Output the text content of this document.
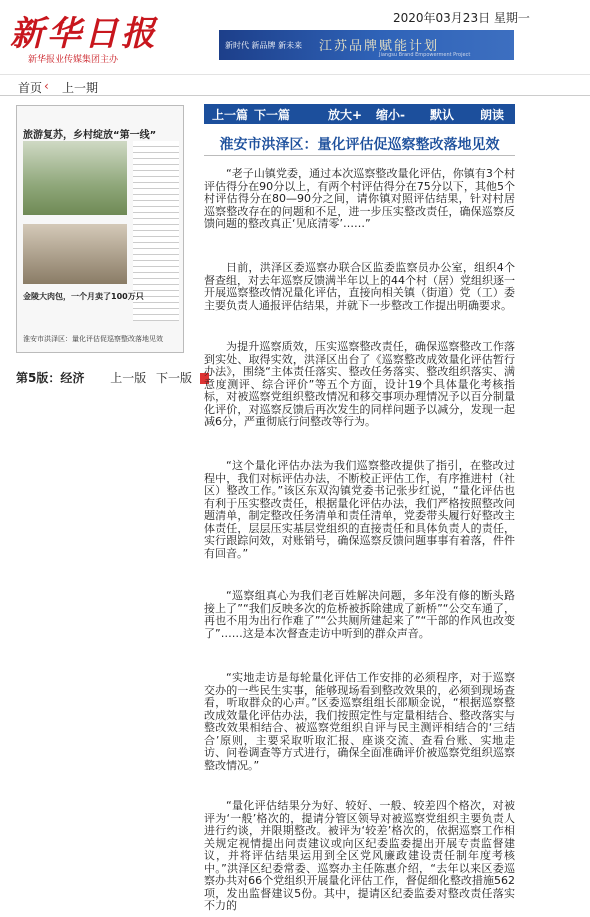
新华日报
新华报业传媒集团主办
2020年03月23日 星期一
新时代 新品牌 新未来 江苏品牌赋能计划
Jiangsu Brand Empowerment Project
首页 ‹ 上一期
旅游复苏，乡村绽放“第一线”
金陵大肉包，一个月卖了100万只
淮安市洪泽区：量化评估促巡察整改落地见效
第5版：经济 上一版 下一版
上一篇 下一篇	放大+ 缩小- 默认 朗读
淮安市洪泽区：量化评估促巡察整改落地见效
“老子山镇党委，通过本次巡察整改量化评估，你镇有3个村评估得分在90分以上，有两个村评估得分在75分以下，其他5个村评估得分在80—90分之间，请你镇对照评估结果，针对村居巡察整改存在的问题和不足，进一步压实整改责任，确保巡察反馈问题的整改真正‘见底清零’……”
日前，洪泽区委巡察办联合区监委监察员办公室，组织4个督查组，对去年巡察反馈满半年以上的44个村（居）党组织逐一开展巡察整改情况量化评估，直接向相关镇（街道）党（工）委主要负责人通报评估结果，并就下一步整改工作提出明确要求。
为提升巡察质效，压实巡察整改责任，确保巡察整改工作落到实处、取得实效，洪泽区出台了《巡察整改成效量化评估暂行办法》，围绕“主体责任落实、整改任务落实、整改组织落实、满意度测评、综合评价”等五个方面，设计19个具体量化考核指标，对被巡察党组织整改情况和移交事项办理情况予以百分制量化评价，对巡察反馈后再次发生的同样问题予以减分，发现一起减6分，严重彻底行问整改等行为。
“这个量化评估办法为我们巡察整改提供了指引，在整改过程中，我们对标评估办法，不断校正评估工作，有序推进村（社区）整改工作。”该区东双沟镇党委书记张步红说，“量化评估也有利于压实整改责任，根据量化评估办法，我们严格按照整改问题清单，制定整改任务清单和责任清单，党委带头履行好整改主体责任，层层压实基层党组织的直接责任和具体负责人的责任，实行跟踪问效，对账销号，确保巡察反馈问题事事有着落，件件有回音。”
“巡察组真心为我们老百姓解决问题，多年没有修的断头路接上了”“我们反映多次的危桥被拆除建成了新桥”“公交车通了，再也不用为出行作难了”“公共厕所建起来了”“干部的作风也改变了”……这是本次督查走访中听到的群众声音。
“实地走访是每轮量化评估工作安排的必须程序，对于巡察交办的一些民生实事，能够现场看到整改效果的，必须到现场查看，听取群众的心声。”区委巡察组组长邵顺金说，“根据巡察整改成效量化评估办法，我们按照定性与定量相结合、整改落实与整改效果相结合、被巡察党组织自评与民主测评相结合的‘三结合’原则，主要采取听取汇报、座谈交流、查看台账、实地走访、问卷调查等方式进行，确保全面准确评价被巡察党组织巡察整改情况。”
“量化评估结果分为好、较好、一般、较差四个格次，对被评为‘一般’格次的，提请分管区领导对被巡察党组织主要负责人进行约谈，并限期整改。被评为‘较差’格次的，依据巡察工作相关规定视情提出问责建议或向区纪委监委提出开展专责监督建议，并将评估结果运用到全区党风廉政建设责任制年度考核中。”洪泽区纪委常委、巡察办主任陈惠介绍，“去年以来区委巡察办共对66个党组织开展量化评估工作，督促细化整改措施562项，发出监督建议5份。其中，提请区纪委监委对整改责任落实不力的
